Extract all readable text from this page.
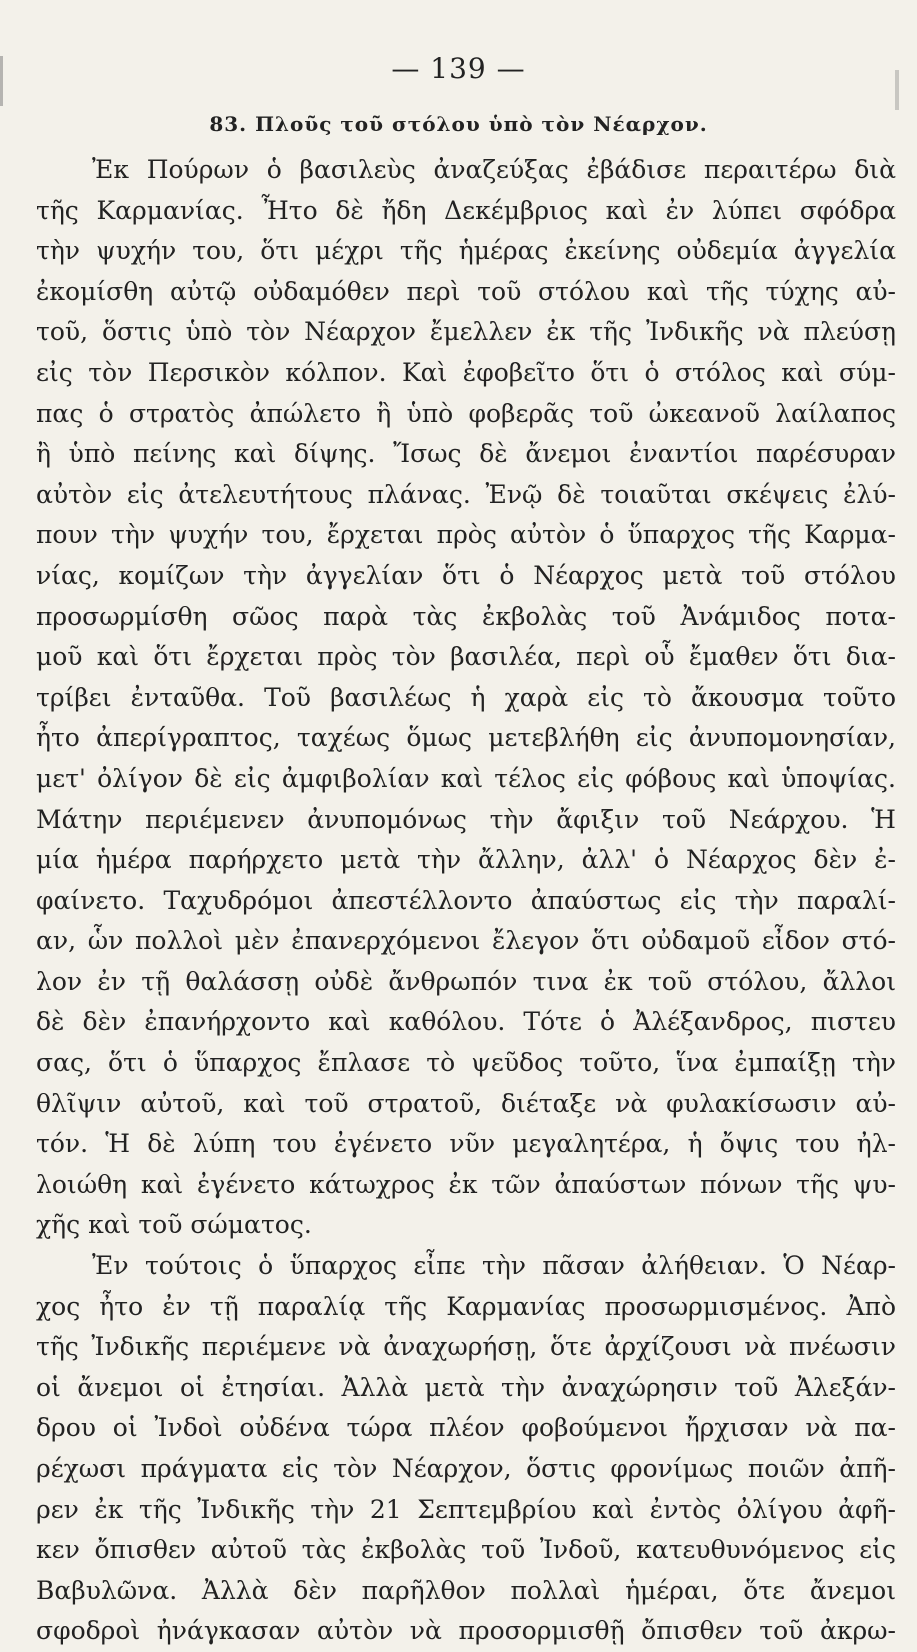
— 139 —
83. Πλοῦς τοῦ στόλου ὑπὸ τὸν Νέαρχον.
Ἐκ Πούρων ὁ βασιλεὺς ἀναζεύξας ἐβάδισε περαιτέρω διὰ
τῆς Καρμανίας. Ἦτο δὲ ἤδη Δεκέμβριος καὶ ἐν λύπει σφόδρα
τὴν ψυχήν του, ὅτι μέχρι τῆς ἡμέρας ἐκείνης οὐδεμία ἀγγελία
ἐκομίσθη αὐτῷ οὐδαμόθεν περὶ τοῦ στόλου καὶ τῆς τύχης αὐ-
τοῦ, ὅστις ὑπὸ τὸν Νέαρχον ἔμελλεν ἐκ τῆς Ἰνδικῆς νὰ πλεύσῃ
εἰς τὸν Περσικὸν κόλπον. Καὶ ἐφοβεῖτο ὅτι ὁ στόλος καὶ σύμ-
πας ὁ στρατὸς ἀπώλετο ἢ ὑπὸ φοβερᾶς τοῦ ὠκεανοῦ λαίλαπος
ἢ ὑπὸ πείνης καὶ δίψης. Ἴσως δὲ ἄνεμοι ἐναντίοι παρέσυραν
αὐτὸν εἰς ἀτελευτήτους πλάνας. Ἐνῷ δὲ τοιαῦται σκέψεις ἐλύ-
πουν τὴν ψυχήν του, ἔρχεται πρὸς αὐτὸν ὁ ὕπαρχος τῆς Καρμα-
νίας, κομίζων τὴν ἀγγελίαν ὅτι ὁ Νέαρχος μετὰ τοῦ στόλου
προσωρμίσθη σῶος παρὰ τὰς ἐκβολὰς τοῦ Ἀνάμιδος ποτα-
μοῦ καὶ ὅτι ἔρχεται πρὸς τὸν βασιλέα, περὶ οὗ ἔμαθεν ὅτι δια-
τρίβει ἐνταῦθα. Τοῦ βασιλέως ἡ χαρὰ εἰς τὸ ἄκουσμα τοῦτο
ἦτο ἀπερίγραπτος, ταχέως ὅμως μετεβλήθη εἰς ἀνυπομονησίαν,
μετ' ὀλίγον δὲ εἰς ἀμφιβολίαν καὶ τέλος εἰς φόβους καὶ ὑποψίας.
Μάτην περιέμενεν ἀνυπομόνως τὴν ἄφιξιν τοῦ Νεάρχου. Ἡ
μία ἡμέρα παρήρχετο μετὰ τὴν ἄλλην, ἀλλ' ὁ Νέαρχος δὲν ἐ-
φαίνετο. Ταχυδρόμοι ἀπεστέλλοντο ἀπαύστως εἰς τὴν παραλί-
αν, ὧν πολλοὶ μὲν ἐπανερχόμενοι ἔλεγον ὅτι οὐδαμοῦ εἶδον στό-
λον ἐν τῇ θαλάσσῃ οὐδὲ ἄνθρωπόν τινα ἐκ τοῦ στόλου, ἄλλοι
δὲ δὲν ἐπανήρχοντο καὶ καθόλου. Τότε ὁ Ἀλέξανδρος, πιστευ
σας, ὅτι ὁ ὕπαρχος ἔπλασε τὸ ψεῦδος τοῦτο, ἵνα ἐμπαίξῃ τὴν
θλῖψιν αὐτοῦ, καὶ τοῦ στρατοῦ, διέταξε νὰ φυλακίσωσιν αὐ-
τόν. Ἡ δὲ λύπη του ἐγένετο νῦν μεγαλητέρα, ἡ ὄψις του ἠλ-
λοιώθη καὶ ἐγένετο κάτωχρος ἐκ τῶν ἀπαύστων πόνων τῆς ψυ-
χῆς καὶ τοῦ σώματος.
Ἐν τούτοις ὁ ὕπαρχος εἶπε τὴν πᾶσαν ἀλήθειαν. Ὁ Νέαρ-
χος ἦτο ἐν τῇ παραλίᾳ τῆς Καρμανίας προσωρμισμένος. Ἀπὸ
τῆς Ἰνδικῆς περιέμενε νὰ ἀναχωρήσῃ, ὅτε ἀρχίζουσι νὰ πνέωσιν
οἱ ἄνεμοι οἱ ἐτησίαι. Ἀλλὰ μετὰ τὴν ἀναχώρησιν τοῦ Ἀλεξάν-
δρου οἱ Ἰνδοὶ οὐδένα τώρα πλέον φοβούμενοι ἤρχισαν νὰ πα-
ρέχωσι πράγματα εἰς τὸν Νέαρχον, ὅστις φρονίμως ποιῶν ἀπῆ-
ρεν ἐκ τῆς Ἰνδικῆς τὴν 21 Σεπτεμβρίου καὶ ἐντὸς ὀλίγου ἀφῆ-
κεν ὄπισθεν αὐτοῦ τὰς ἐκβολὰς τοῦ Ἰνδοῦ, κατευθυνόμενος εἰς
Βαβυλῶνα. Ἀλλὰ δὲν παρῆλθον πολλαὶ ἡμέραι, ὅτε ἄνεμοι
σφοδροὶ ἠνάγκασαν αὐτὸν νὰ προσορμισθῇ ὄπισθεν τοῦ ἀκρω-
